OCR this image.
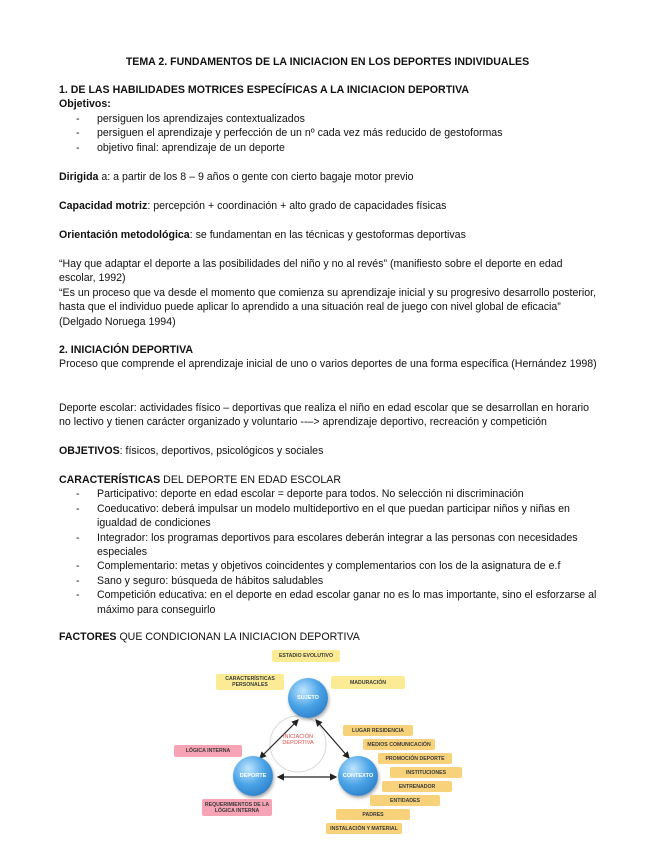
TEMA 2. FUNDAMENTOS DE LA INICIACION EN LOS DEPORTES INDIVIDUALES

1. DE LAS HABILIDADES MOTRICES ESPECÍFICAS A LA INICIACION DEPORTIVA

Objetivos:

- persiguen los aprendizajes contextualizados
- persiguen el aprendizaje y perfección de un nº cada vez más reducido de gestoformas
- objetivo final: aprendizaje de un deporte
Dirigida a: a partir de los 8 – 9 años o gente con cierto bagaje motor previo
Capacidad motriz: percepción + coordinación + alto grado de capacidades físicas
Orientación metodológica: se fundamentan en las técnicas y gestoformas deportivas

“Hay que adaptar el deporte a las posibilidades del niño y no al revés” (manifiesto sobre el deporte en edad escolar, 1992)

“Es un proceso que va desde el momento que comienza su aprendizaje inicial y su progresivo desarrollo posterior, hasta que el individuo puede aplicar lo aprendido a una situación real de juego con nivel global de eficacia” (Delgado Noruega 1994)

2. INICIACIÓN DEPORTIVA

Proceso que comprende el aprendizaje inicial de uno o varios deportes de una forma específica (Hernández 1998)

Deporte escolar: actividades físico – deportivas que realiza el niño en edad escolar que se desarrollan en horario no lectivo y tienen carácter organizado y voluntario --–> aprendizaje deportivo, recreación y competición

OBJETIVOS: físicos, deportivos, psicológicos y sociales

CARACTERÍSTICAS DEL DEPORTE EN EDAD ESCOLAR

- Participativo: deporte en edad escolar = deporte para todos. No selección ni discriminación
- Coeducativo: deberá impulsar un modelo multideportivo en el que puedan participar niños y niñas en igualdad de condiciones
- Integrador: los programas deportivos para escolares deberán integrar a las personas con necesidades especiales
- Complementario: metas y objetivos coincidentes y complementarios con los de la asignatura de e.f
- Sano y seguro: búsqueda de hábitos saludables
- Competición educativa: en el deporte en edad escolar ganar no es lo mas importante, sino el esforzarse al máximo para conseguirlo
FACTORES QUE CONDICIONAN LA INICIACION DEPORTIVA
ESTADIO EVOLUTIVO
CARACTERÍSTICAS PERSONALES	MADURACIÓN
SUJETO
DEPORTE	CONTEXTO
INICIACIÓN DEPORTIVA
LÓGICA INTERNA
REQUERIMIENTOS DE LA LÓGICA INTERNA
LUGAR RESIDENCIA
MEDIOS COMUNICACIÓN
PROMOCIÓN DEPORTE
INSTITUCIONES
ENTRENADOR
ENTIDADES
PADRES
INSTALACIÓN Y MATERIAL
